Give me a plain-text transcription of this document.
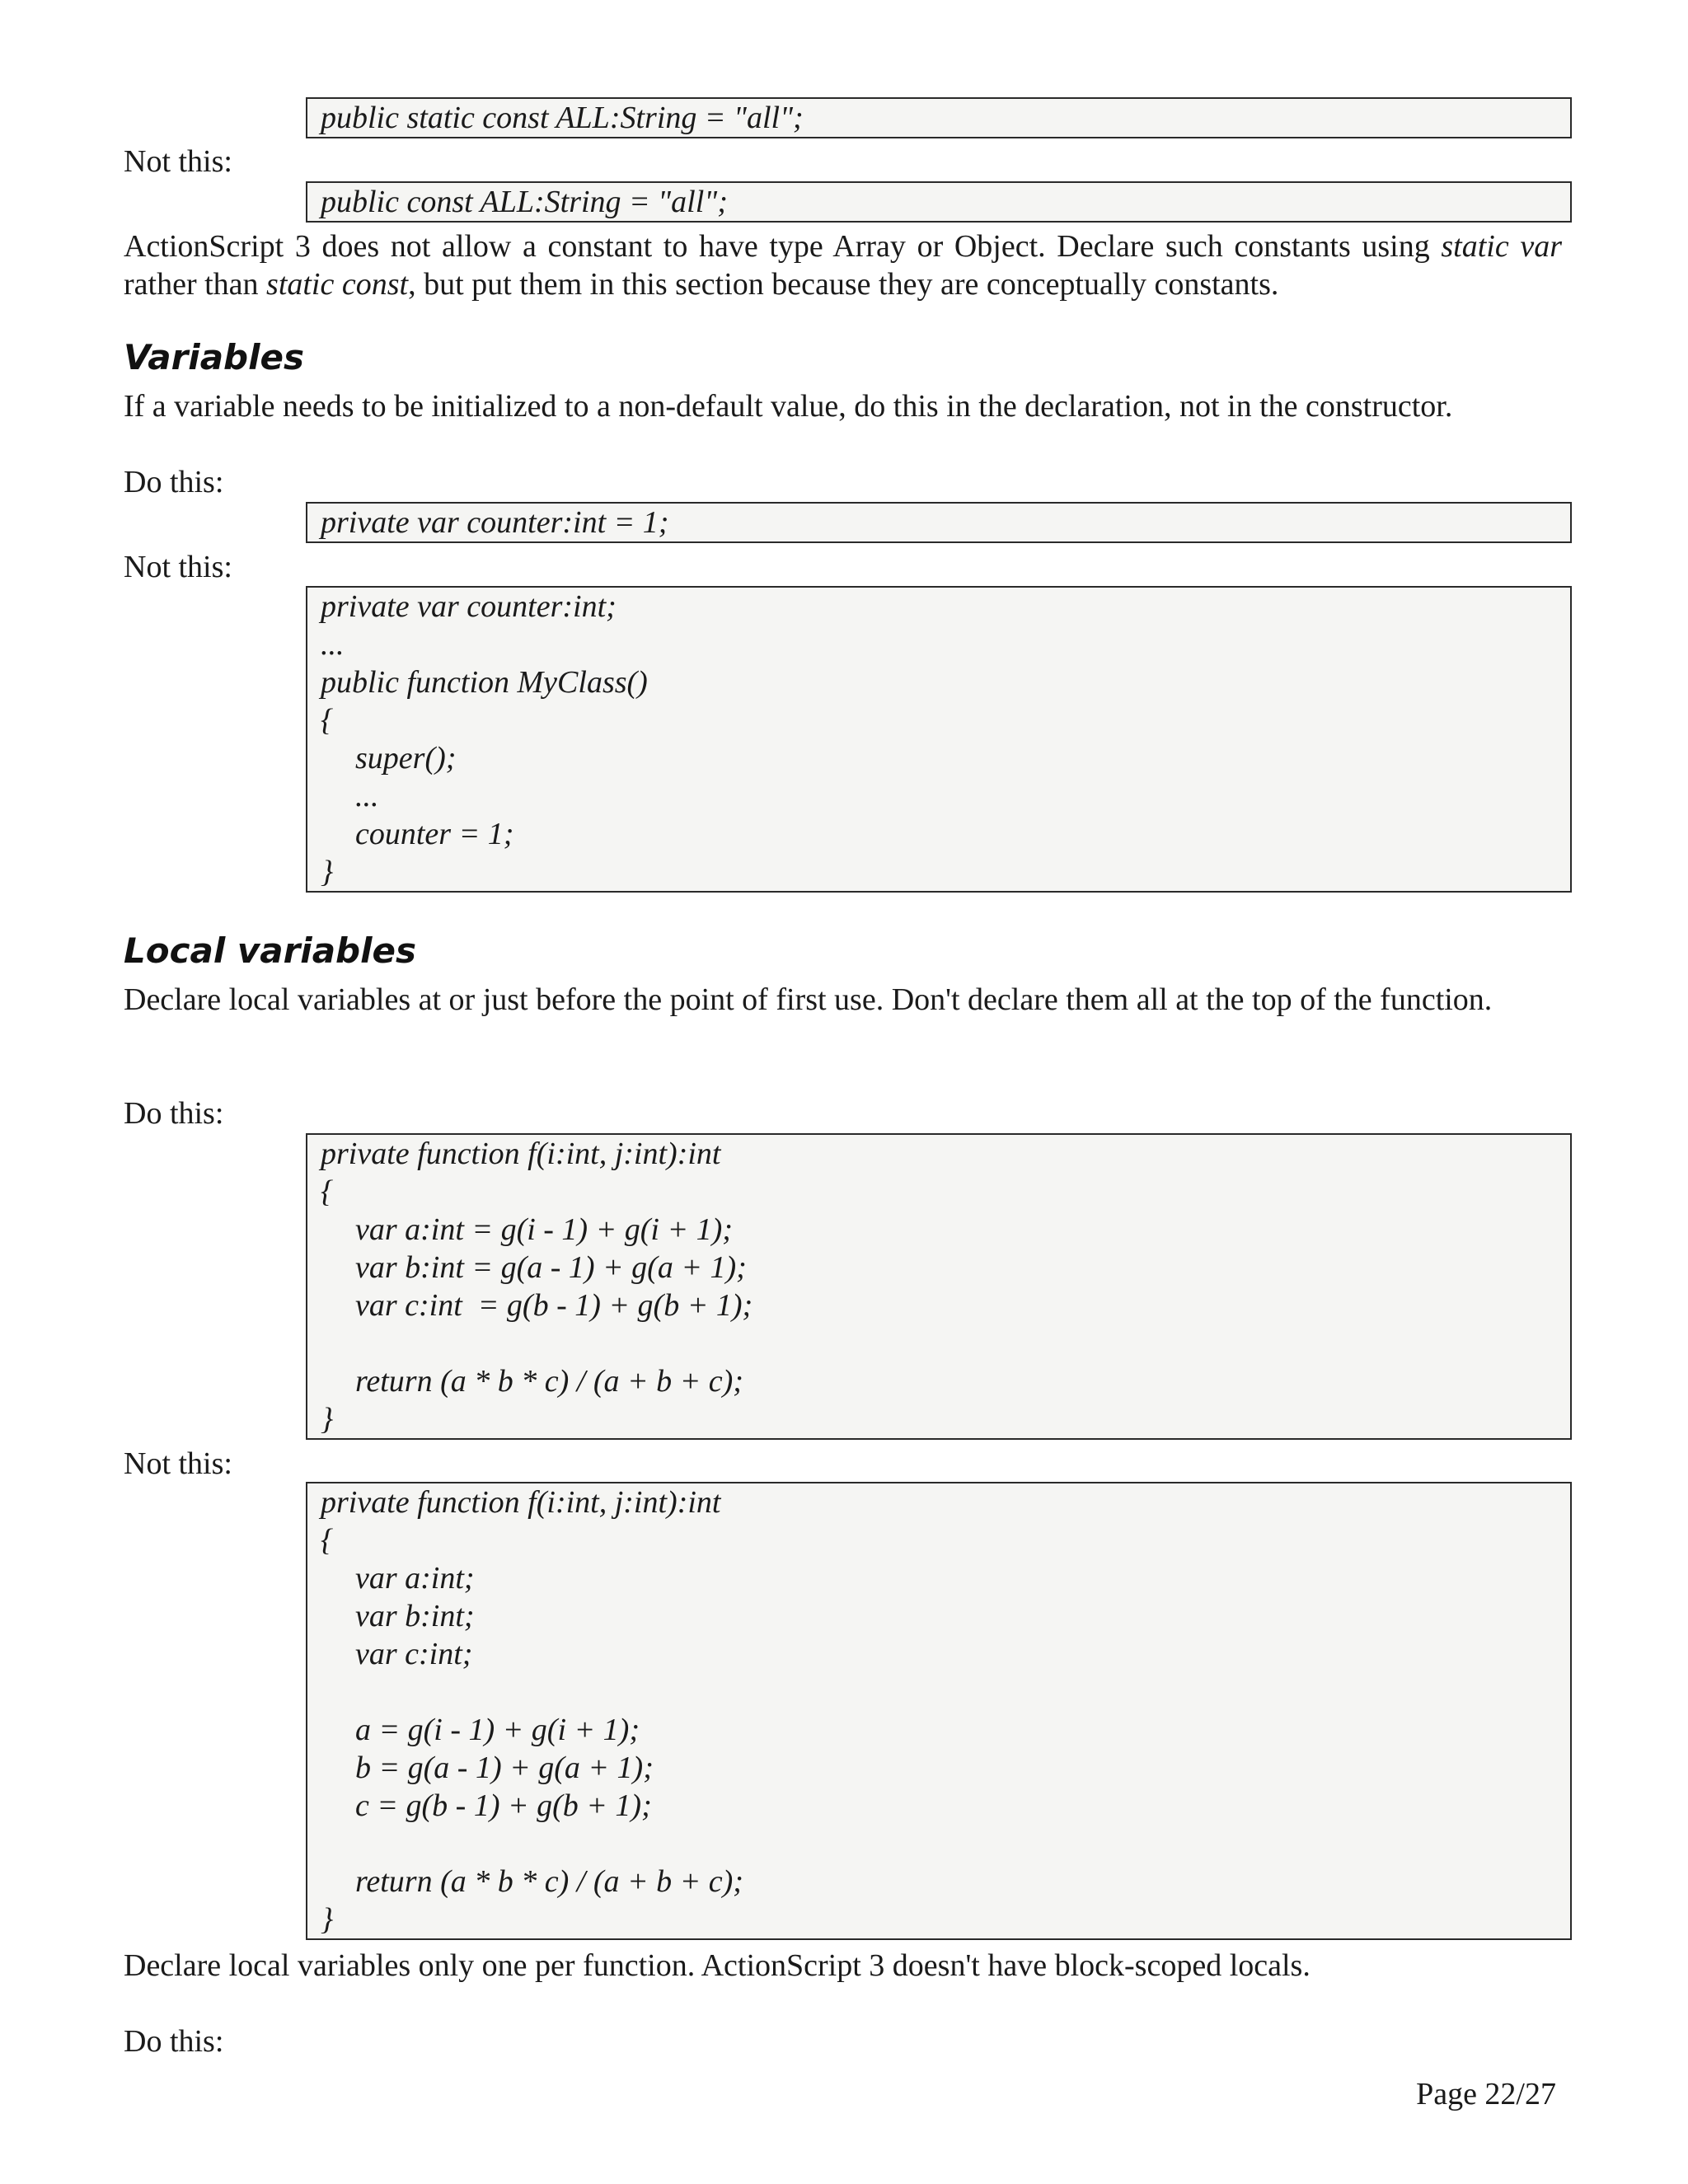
public static const ALL:String = "all";
Not this:
public const ALL:String = "all";
ActionScript 3 does not allow a constant to have type Array or Object. Declare such constants using static var rather than static const, but put them in this section because they are conceptually constants.
Variables
If a variable needs to be initialized to a non-default value, do this in the declaration, not in the constructor.
Do this:
private var counter:int = 1;
Not this:
private var counter:int;
...
public function MyClass()
{
super();
...
counter = 1;
}
Local variables
Declare local variables at or just before the point of first use. Don't declare them all at the top of the function.
Do this:
private function f(i:int, j:int):int
{
var a:int = g(i - 1) + g(i + 1);
var b:int = g(a - 1) + g(a + 1);
var c:int  = g(b - 1) + g(b + 1);
return (a * b * c) / (a + b + c);
}
Not this:
private function f(i:int, j:int):int
{
var a:int;
var b:int;
var c:int;
a = g(i - 1) + g(i + 1);
b = g(a - 1) + g(a + 1);
c = g(b - 1) + g(b + 1);
return (a * b * c) / (a + b + c);
}
Declare local variables only one per function. ActionScript 3 doesn't have block-scoped locals.
Do this:
Page 22/27
